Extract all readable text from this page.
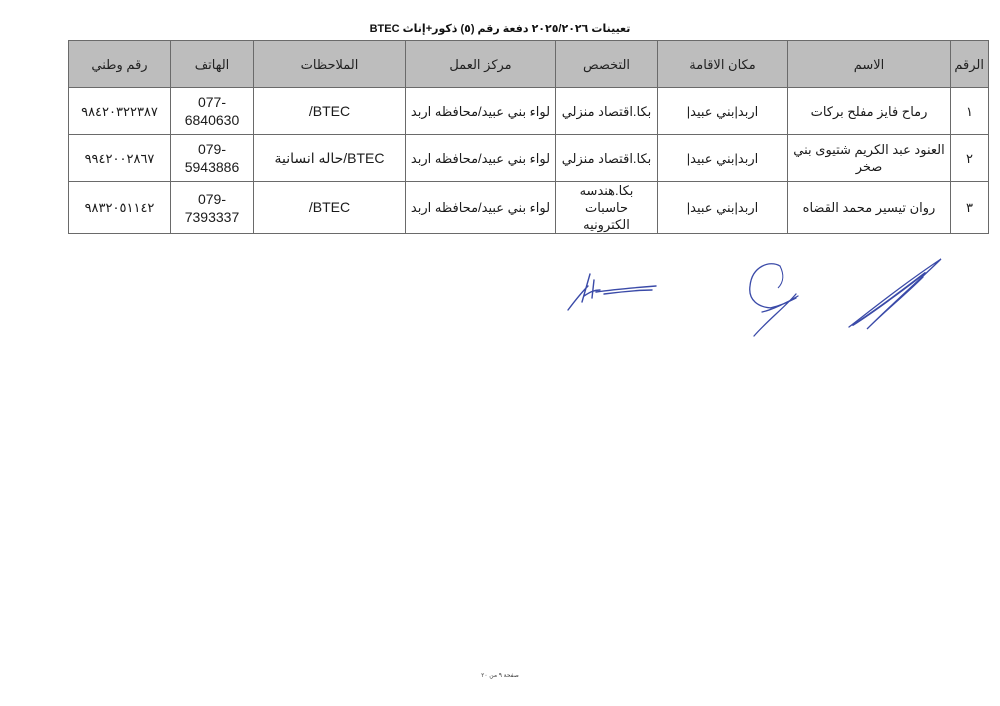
تعيينات ٢٠٢٥/٢٠٢٦ دفعة رقم (٥) ذكور+إناث BTEC
الرقم	الاسم	مكان الاقامة	التخصص	مركز العمل	الملاحظات	الهاتف	رقم وطني
١	رماح فايز مفلح بركات	اربد|بني عبيد|	بكا.اقتصاد منزلي	لواء بني عبيد/محافظه اربد	/BTEC	077-6840630	٩٨٤٢٠٣٢٢٣٨٧
٢	العنود عبد الكريم شتيوى بني صخر	اربد|بني عبيد|	بكا.اقتصاد منزلي	لواء بني عبيد/محافظه اربد	BTEC/حاله انسانية	079-5943886	٩٩٤٢٠٠٢٨٦٧
٣	روان تيسير محمد القضاه	اربد|بني عبيد|	بكا.هندسه حاسبات الكترونيه	لواء بني عبيد/محافظه اربد	/BTEC	079-7393337	٩٨٣٢٠٥١١٤٢
صفحة ٩ من ٢٠
